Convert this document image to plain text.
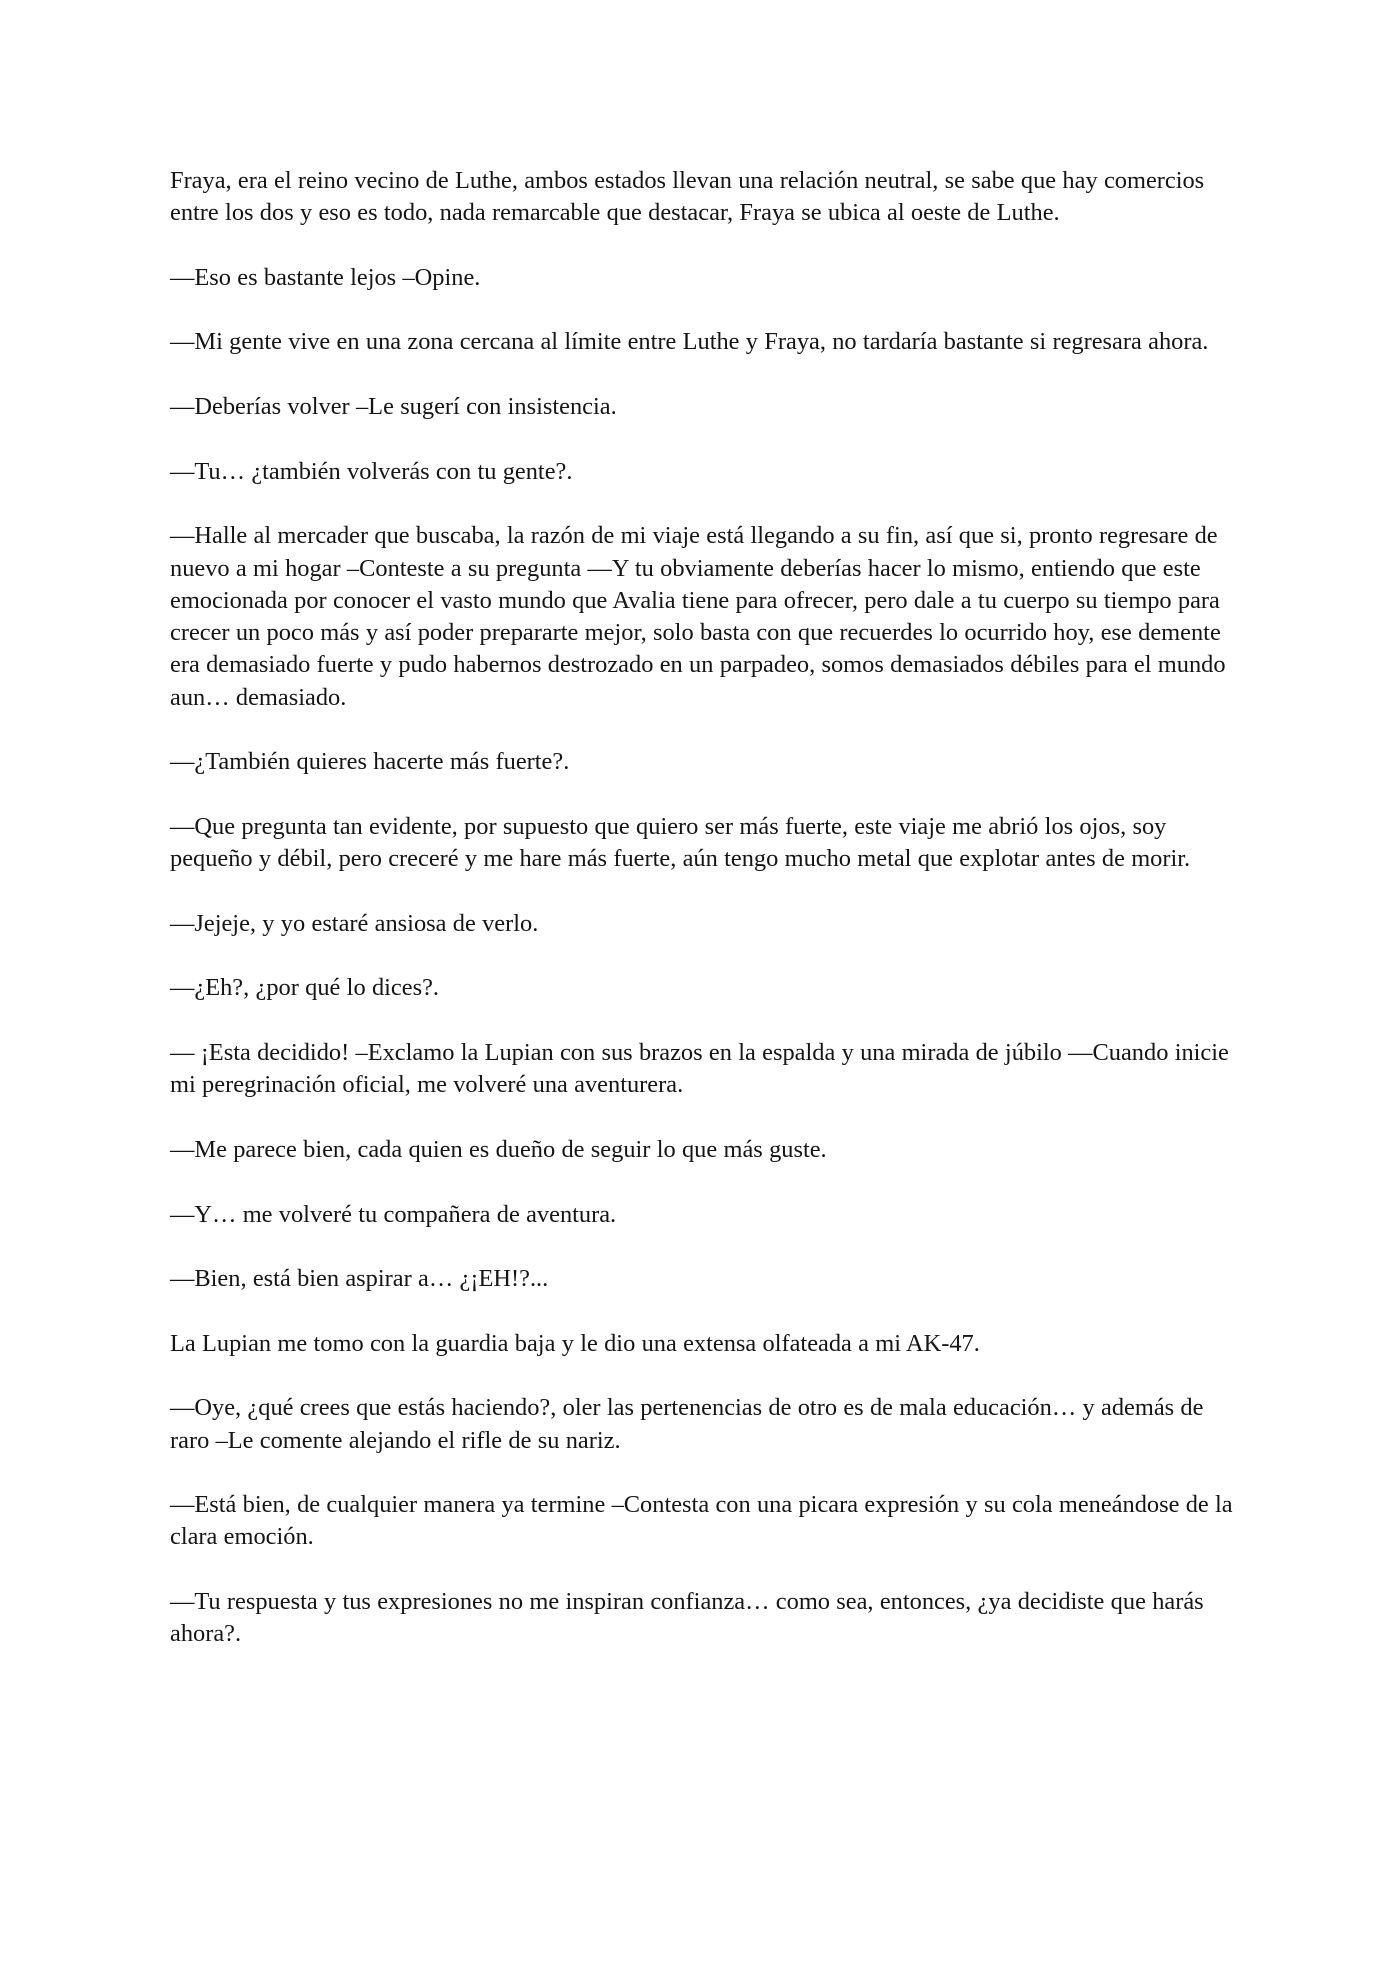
Fraya, era el reino vecino de Luthe, ambos estados llevan una relación neutral, se sabe que hay comercios entre los dos y eso es todo, nada remarcable que destacar, Fraya se ubica al oeste de Luthe.

—Eso es bastante lejos –Opine.

—Mi gente vive en una zona cercana al límite entre Luthe y Fraya, no tardaría bastante si regresara ahora.

—Deberías volver –Le sugerí con insistencia.

—Tu… ¿también volverás con tu gente?.

—Halle al mercader que buscaba, la razón de mi viaje está llegando a su fin, así que si, pronto regresare de nuevo a mi hogar –Conteste a su pregunta —Y tu obviamente deberías hacer lo mismo, entiendo que este emocionada por conocer el vasto mundo que Avalia tiene para ofrecer, pero dale a tu cuerpo su tiempo para crecer un poco más y así poder prepararte mejor, solo basta con que recuerdes lo ocurrido hoy, ese demente era demasiado fuerte y pudo habernos destrozado en un parpadeo, somos demasiados débiles para el mundo aun… demasiado.

—¿También quieres hacerte más fuerte?.

—Que pregunta tan evidente, por supuesto que quiero ser más fuerte, este viaje me abrió los ojos, soy pequeño y débil, pero creceré y me hare más fuerte, aún tengo mucho metal que explotar antes de morir.

—Jejeje, y yo estaré ansiosa de verlo.

—¿Eh?, ¿por qué lo dices?.

— ¡Esta decidido! –Exclamo la Lupian con sus brazos en la espalda y una mirada de júbilo —Cuando inicie mi peregrinación oficial, me volveré una aventurera.

—Me parece bien, cada quien es dueño de seguir lo que más guste.

—Y… me volveré tu compañera de aventura.

—Bien, está bien aspirar a… ¿¡EH!?...

La Lupian me tomo con la guardia baja y le dio una extensa olfateada a mi AK-47.

—Oye, ¿qué crees que estás haciendo?, oler las pertenencias de otro es de mala educación… y además de raro –Le comente alejando el rifle de su nariz.

—Está bien, de cualquier manera ya termine –Contesta con una picara expresión y su cola meneándose de la clara emoción.

—Tu respuesta y tus expresiones no me inspiran confianza… como sea, entonces, ¿ya decidiste que harás ahora?.
